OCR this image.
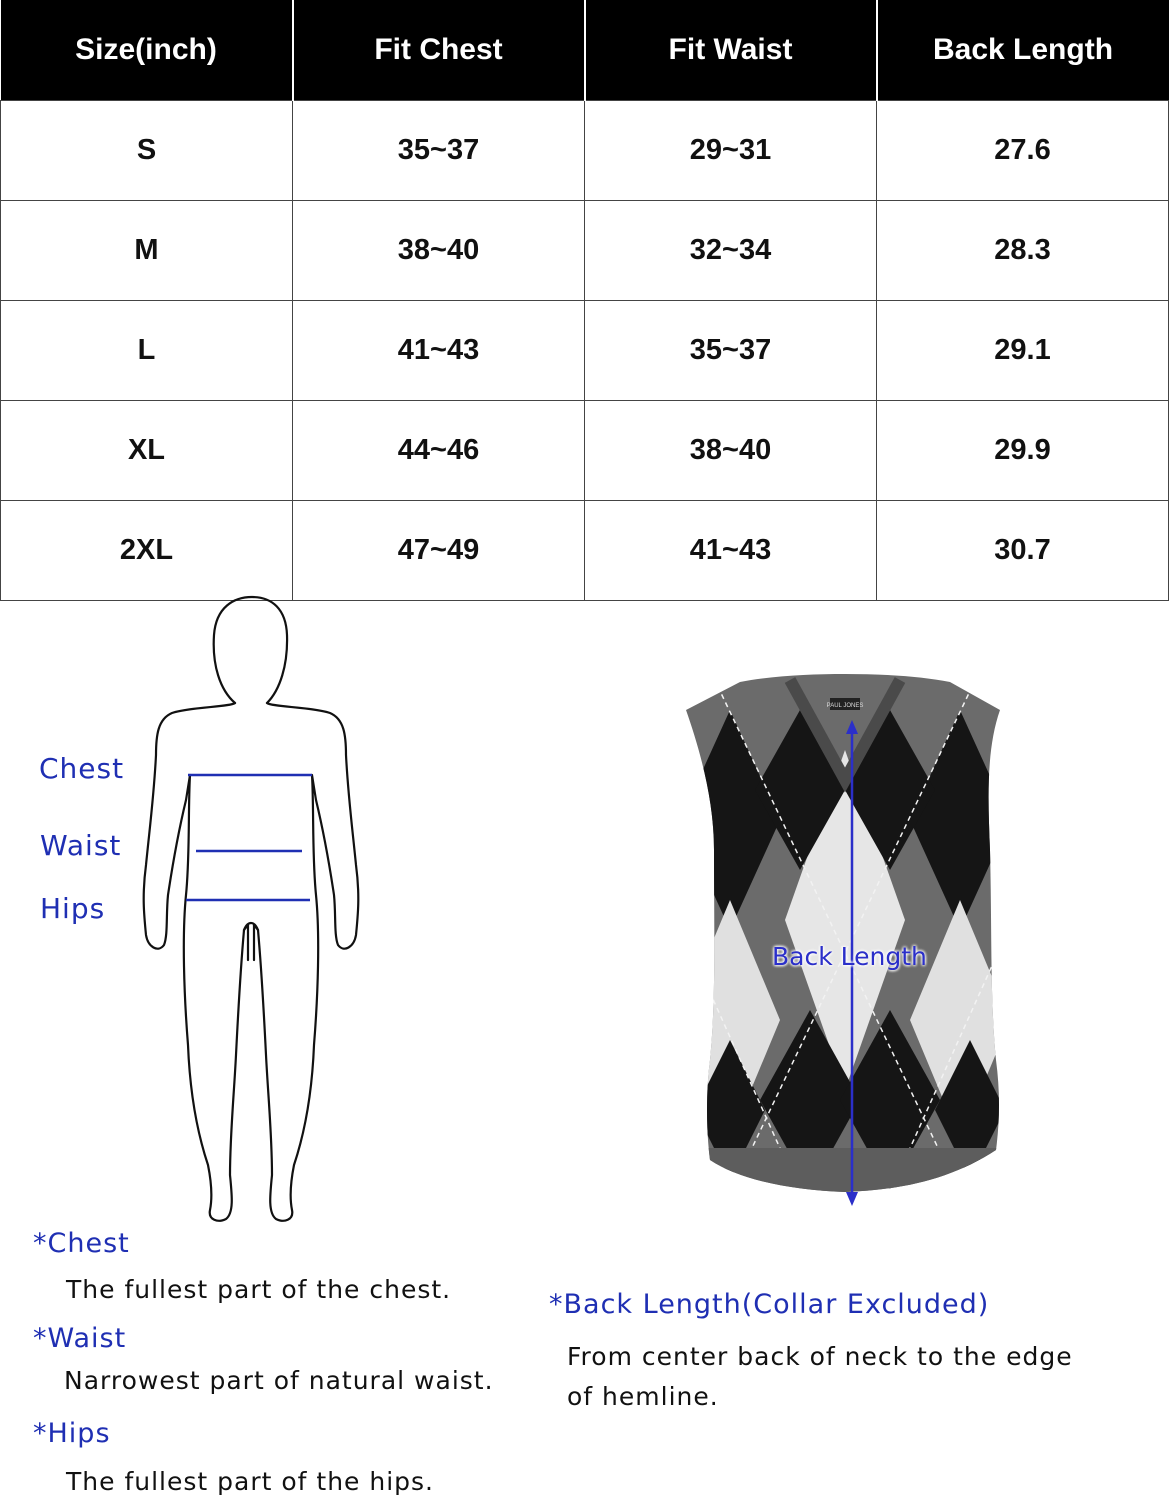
Size(inch)	Fit Chest	Fit Waist	Back Length
S	35~37	29~31	27.6
M	38~40	32~34	28.3
L	41~43	35~37	29.1
XL	44~46	38~40	29.9
2XL	47~49	41~43	30.7
Chest
Waist
Hips
PAUL JONES
Back Length
*Chest
The fullest part of the chest.
*Waist
Narrowest part of natural waist.
*Hips
The fullest part of the hips.
*Back Length(Collar Excluded)
From center back of neck to the edge
of hemline.
